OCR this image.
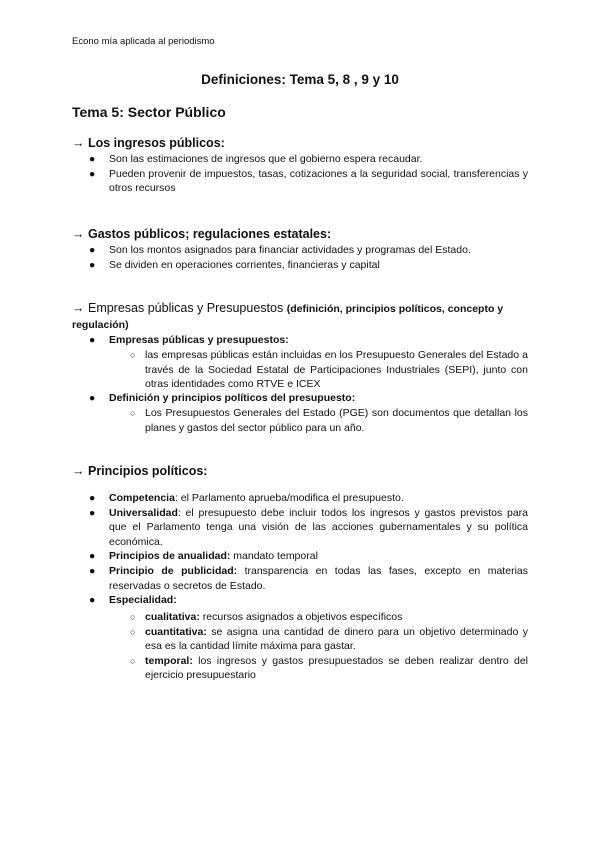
Econo mía aplicada al periodismo
Definiciones: Tema 5, 8 , 9 y 10
Tema 5: Sector Público
→ Los ingresos públicos:
● Son las estimaciones de ingresos que el gobierno espera recaudar.
● Pueden provenir de impuestos, tasas, cotizaciones a la seguridad social, transferencias y otros recursos
→ Gastos públicos; regulaciones estatales:
● Son los montos asignados para financiar actividades y programas del Estado.
● Se dividen en operaciones corrientes, financieras y capital
→ Empresas públicas y Presupuestos (definición, principios políticos, concepto y regulación)
● Empresas públicas y presupuestos:
○ las empresas públicas están incluidas en los Presupuesto Generales del Estado a través de la Sociedad Estatal de Participaciones Industriales (SEPI), junto con otras identidades como RTVE e ICEX
● Definición y principios políticos del presupuesto:
○ Los Presupuestos Generales del Estado (PGE) son documentos que detallan los planes y gastos del sector público para un año.
→ Principios políticos:
● Competencia: el Parlamento aprueba/modifica el presupuesto.
● Universalidad: el presupuesto debe incluir todos los ingresos y gastos previstos para que el Parlamento tenga una visión de las acciones gubernamentales y su política económica.
● Principios de anualidad: mandato temporal
● Principio de publicidad: transparencia en todas las fases, excepto en materias reservadas o secretos de Estado.
● Especialidad:
○ cualitativa: recursos asignados a objetivos específicos
○ cuantitativa: se asigna una cantidad de dinero para un objetivo determinado y esa es la cantidad límite máxima para gastar.
○ temporal: los ingresos y gastos presupuestados se deben realizar dentro del ejercicio presupuestario
